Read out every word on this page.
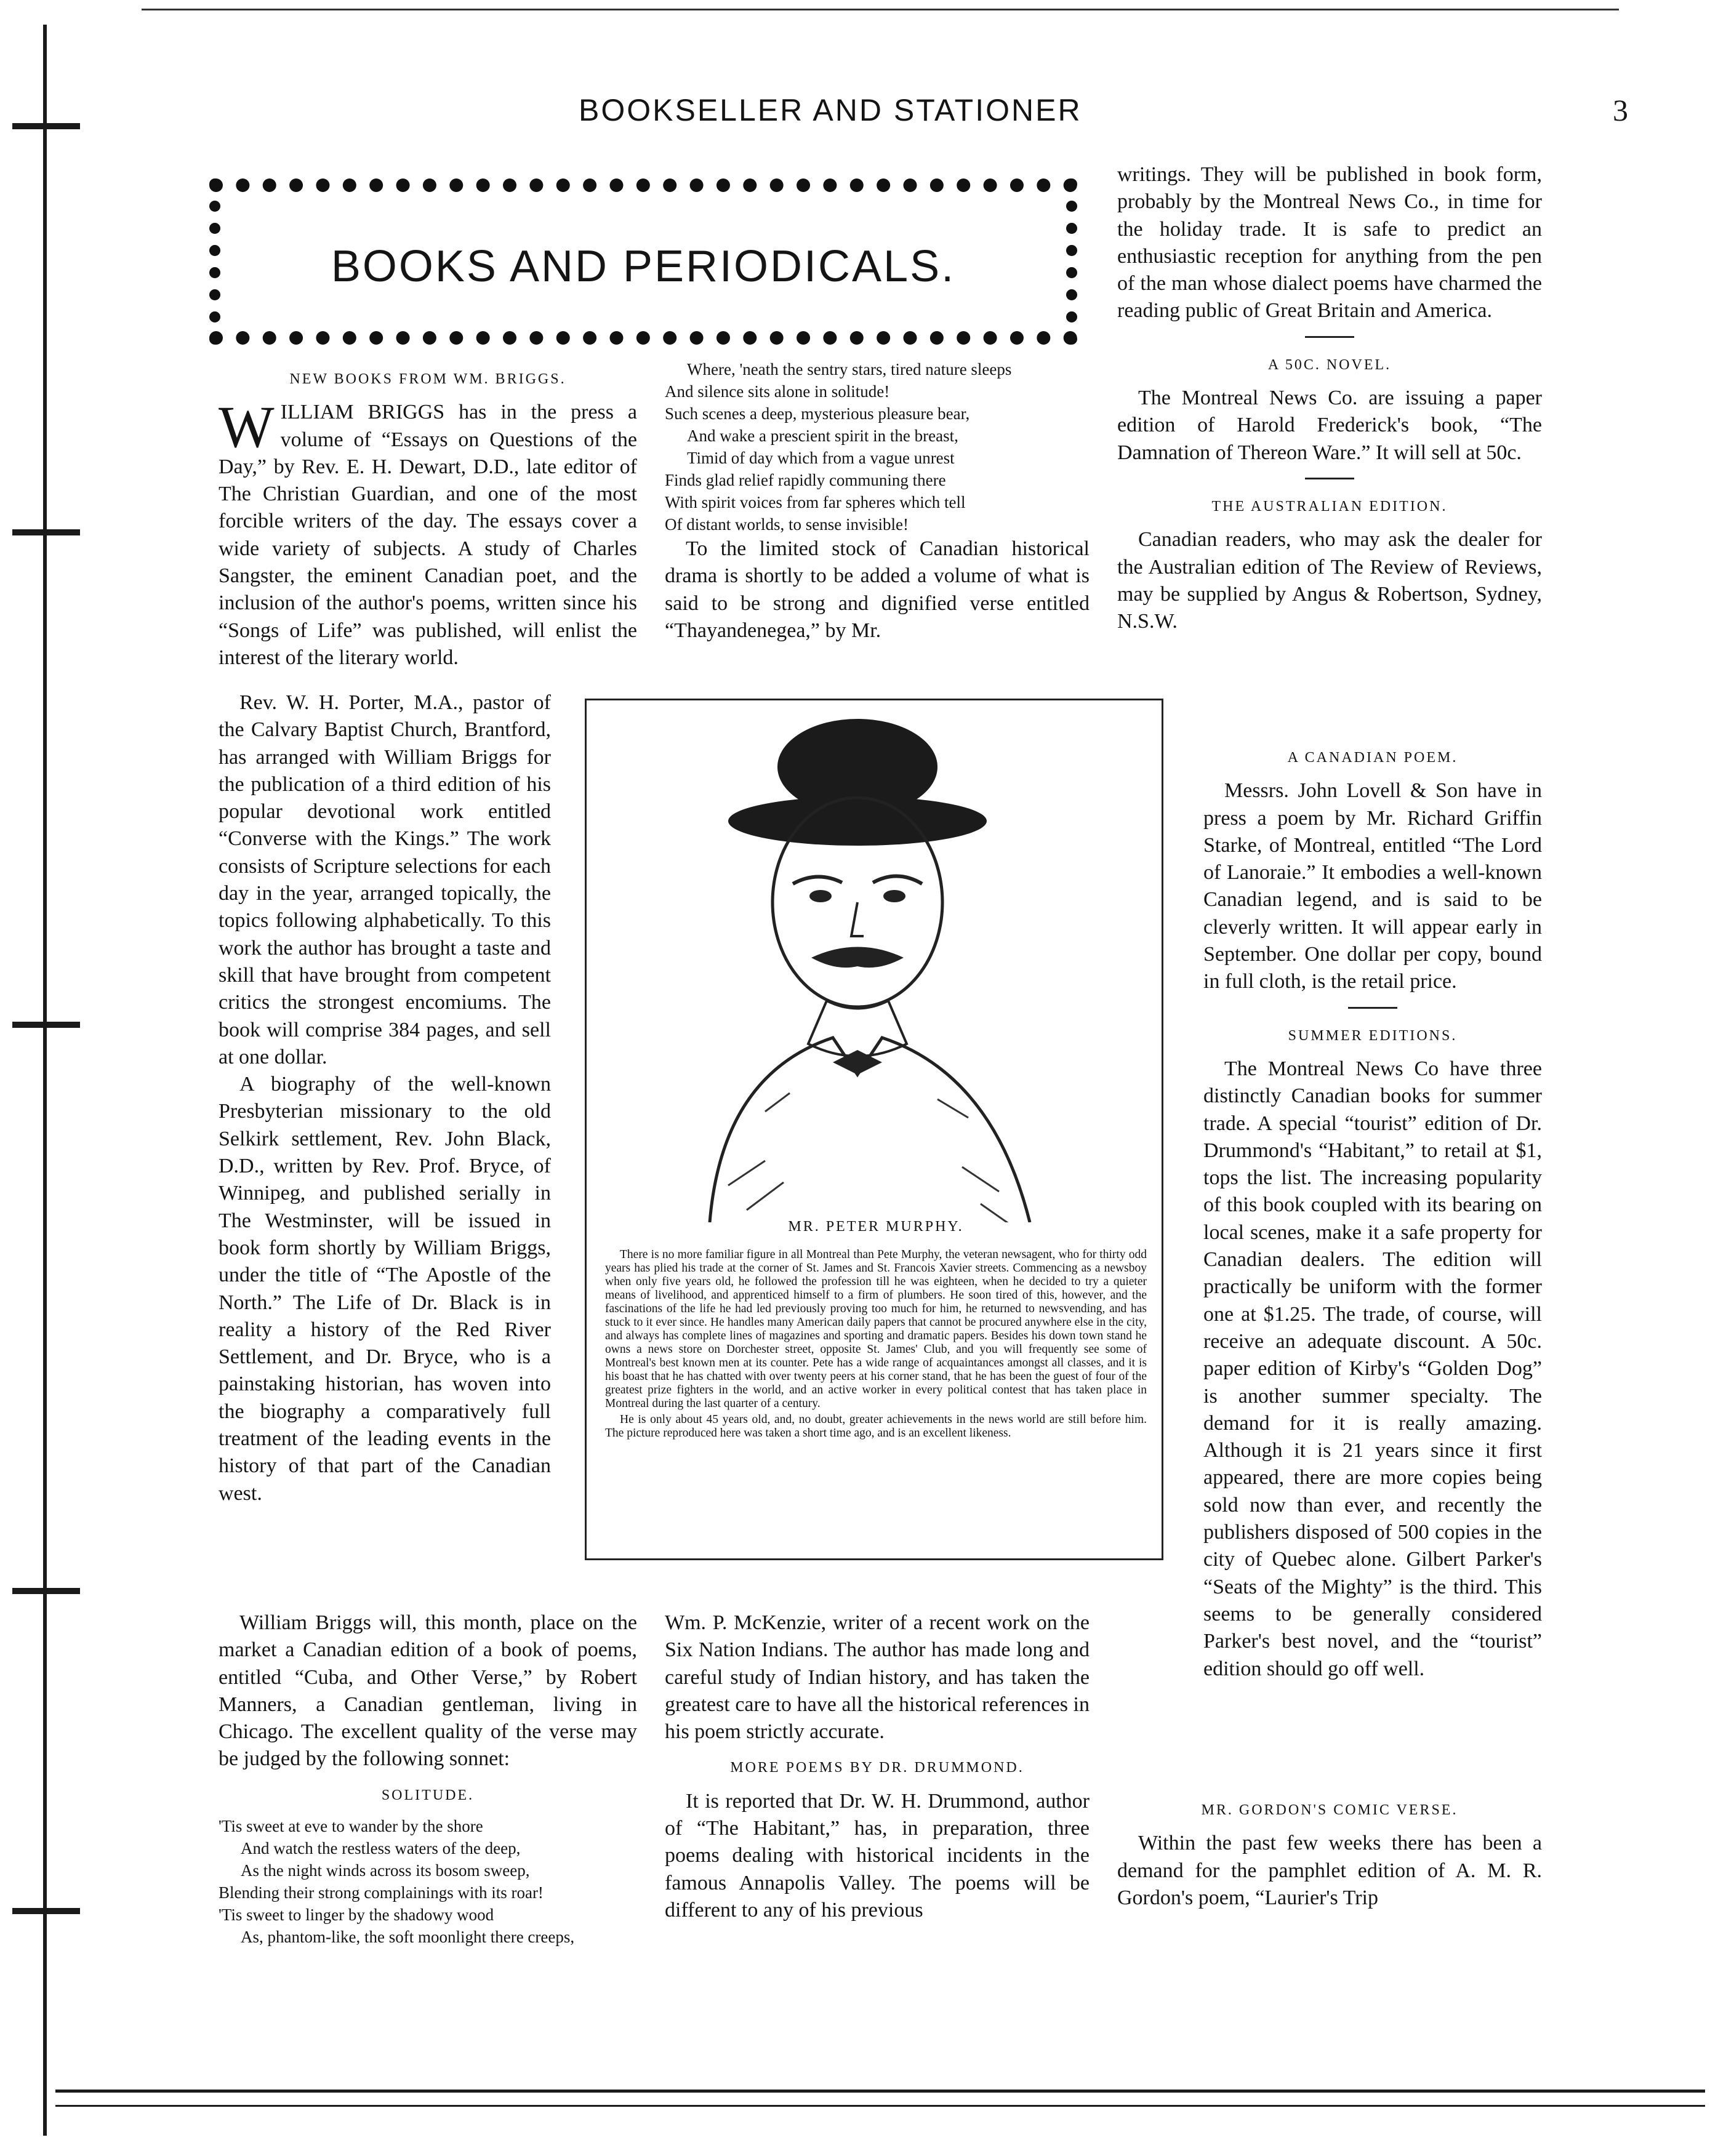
BOOKSELLER AND STATIONER	3
BOOKS AND PERIODICALS.

NEW BOOKS FROM WM. BRIGGS.

WILLIAM BRIGGS has in the press a volume of “Essays on Questions of the Day,” by Rev. E. H. Dewart, D.D., late editor of The Christian Guardian, and one of the most forcible writers of the day. The essays cover a wide variety of subjects. A study of Charles Sangster, the eminent Canadian poet, and the inclusion of the author's poems, written since his “Songs of Life” was published, will enlist the interest of the literary world.

Rev. W. H. Porter, M.A., pastor of the Calvary Baptist Church, Brantford, has arranged with William Briggs for the publication of a third edition of his popular devotional work entitled “Converse with the Kings.” The work consists of Scripture selections for each day in the year, arranged topically, the topics following alphabetically. To this work the author has brought a taste and skill that have brought from competent critics the strongest encomiums. The book will comprise 384 pages, and sell at one dollar.

A biography of the well-known Presbyterian missionary to the old Selkirk settlement, Rev. John Black, D.D., written by Rev. Prof. Bryce, of Winnipeg, and published serially in The Westminster, will be issued in book form shortly by William Briggs, under the title of “The Apostle of the North.” The Life of Dr. Black is in reality a history of the Red River Settlement, and Dr. Bryce, who is a painstaking historian, has woven into the biography a comparatively full treatment of the leading events in the history of that part of the Canadian west.

William Briggs will, this month, place on the market a Canadian edition of a book of poems, entitled “Cuba, and Other Verse,” by Robert Manners, a Canadian gentleman, living in Chicago. The excellent quality of the verse may be judged by the following sonnet:

SOLITUDE.

'Tis sweet at eve to wander by the shore

And watch the restless waters of the deep,

As the night winds across its bosom sweep,

Blending their strong complainings with its roar!

'Tis sweet to linger by the shadowy wood

As, phantom-like, the soft moonlight there creeps,

Where, 'neath the sentry stars, tired nature sleeps

And silence sits alone in solitude!

Such scenes a deep, mysterious pleasure bear,

And wake a prescient spirit in the breast,

Timid of day which from a vague unrest

Finds glad relief rapidly communing there

With spirit voices from far spheres which tell

Of distant worlds, to sense invisible!

To the limited stock of Canadian historical drama is shortly to be added a volume of what is said to be strong and dignified verse entitled “Thayandenegea,” by Mr.

Wm. P. McKenzie, writer of a recent work on the Six Nation Indians. The author has made long and careful study of Indian history, and has taken the greatest care to have all the historical references in his poem strictly accurate.

MORE POEMS BY DR. DRUMMOND.

It is reported that Dr. W. H. Drummond, author of “The Habitant,” has, in preparation, three poems dealing with historical incidents in the famous Annapolis Valley. The poems will be different to any of his previous

MR. PETER MURPHY.

There is no more familiar figure in all Montreal than Pete Murphy, the veteran newsagent, who for thirty odd years has plied his trade at the corner of St. James and St. Francois Xavier streets. Commencing as a newsboy when only five years old, he followed the profession till he was eighteen, when he decided to try a quieter means of livelihood, and apprenticed himself to a firm of plumbers. He soon tired of this, however, and the fascinations of the life he had led previously proving too much for him, he returned to newsvending, and has stuck to it ever since. He handles many American daily papers that cannot be procured anywhere else in the city, and always has complete lines of magazines and sporting and dramatic papers. Besides his down town stand he owns a news store on Dorchester street, opposite St. James' Club, and you will frequently see some of Montreal's best known men at its counter. Pete has a wide range of acquaintances amongst all classes, and it is his boast that he has chatted with over twenty peers at his corner stand, that he has been the guest of four of the greatest prize fighters in the world, and an active worker in every political contest that has taken place in Montreal during the last quarter of a century.

He is only about 45 years old, and, no doubt, greater achievements in the news world are still before him. The picture reproduced here was taken a short time ago, and is an excellent likeness.

writings. They will be published in book form, probably by the Montreal News Co., in time for the holiday trade. It is safe to predict an enthusiastic reception for anything from the pen of the man whose dialect poems have charmed the reading public of Great Britain and America.

A 50C. NOVEL.

The Montreal News Co. are issuing a paper edition of Harold Frederick's book, “The Damnation of Thereon Ware.” It will sell at 50c.

THE AUSTRALIAN EDITION.

Canadian readers, who may ask the dealer for the Australian edition of The Review of Reviews, may be supplied by Angus & Robertson, Sydney, N.S.W.

A CANADIAN POEM.

Messrs. John Lovell & Son have in press a poem by Mr. Richard Griffin Starke, of Montreal, entitled “The Lord of Lanoraie.” It embodies a well-known Canadian legend, and is said to be cleverly written. It will appear early in September. One dollar per copy, bound in full cloth, is the retail price.

SUMMER EDITIONS.

The Montreal News Co have three distinctly Canadian books for summer trade. A special “tourist” edition of Dr. Drummond's “Habitant,” to retail at $1, tops the list. The increasing popularity of this book coupled with its bearing on local scenes, make it a safe property for Canadian dealers. The edition will practically be uniform with the former one at $1.25. The trade, of course, will receive an adequate discount. A 50c. paper edition of Kirby's “Golden Dog” is another summer specialty. The demand for it is really amazing. Although it is 21 years since it first appeared, there are more copies being sold now than ever, and recently the publishers disposed of 500 copies in the city of Quebec alone. Gilbert Parker's “Seats of the Mighty” is the third. This seems to be generally considered Parker's best novel, and the “tourist” edition should go off well.

MR. GORDON'S COMIC VERSE.

Within the past few weeks there has been a demand for the pamphlet edition of A. M. R. Gordon's poem, “Laurier's Trip
